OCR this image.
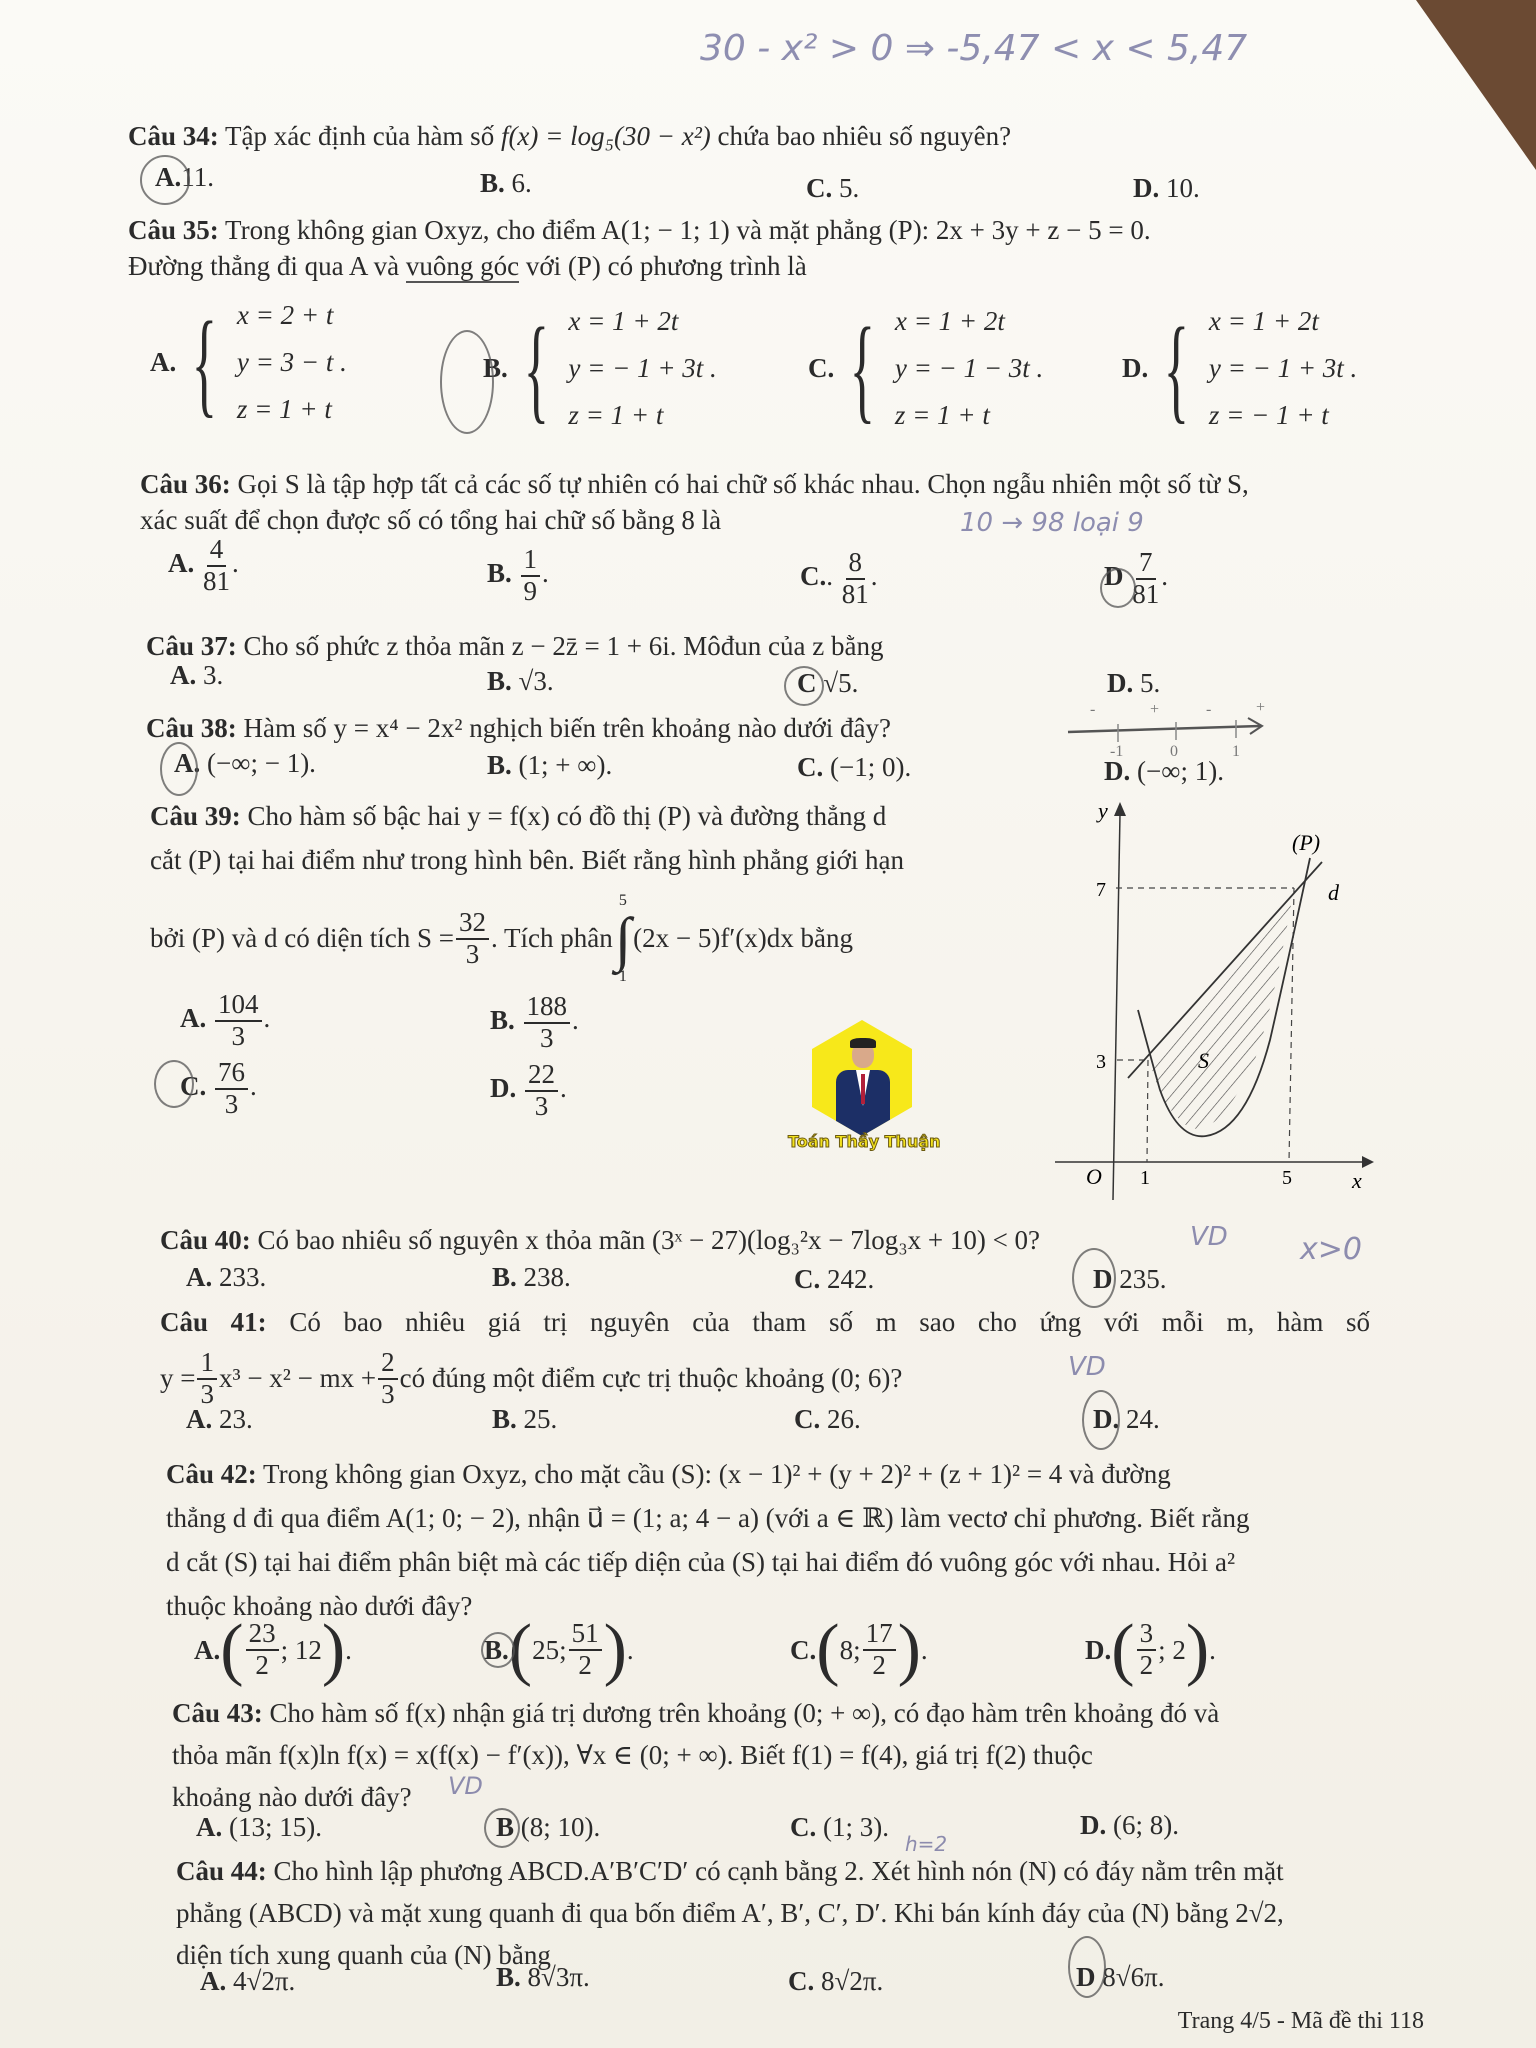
30 - x² > 0 ⇒ -5,47 < x < 5,47
Câu 34: Tập xác định của hàm số f(x) = log₅(30 − x²) chứa bao nhiêu số nguyên?
A.11.	B. 6.	C. 5.	D. 10.
Câu 35: Trong không gian Oxyz, cho điểm A(1; − 1; 1) và mặt phẳng (P): 2x + 3y + z − 5 = 0.
Đường thẳng đi qua A và vuông góc với (P) có phương trình là
A. { x = 2 + t
y = 3 − t .
z = 1 + t
B. { x = 1 + 2t
y = − 1 + 3t .
z = 1 + t
C. { x = 1 + 2t
y = − 1 − 3t .
z = 1 + t
D. { x = 1 + 2t
y = − 1 + 3t .
z = − 1 + t
Câu 36: Gọi S là tập hợp tất cả các số tự nhiên có hai chữ số khác nhau. Chọn ngẫu nhiên một số từ S,
xác suất để chọn được số có tổng hai chữ số bằng 8 là	10 → 98 loại 9
A. $\frac{4}{81}$ .	B. $\frac{1}{9}$ .	C.. $\frac{8}{81}$ .	D $\frac{7}{81}$ .
Câu 37: Cho số phức z thỏa mãn z − 2z̄ = 1 + 6i. Môđun của z bằng
A. 3.	B. √3.	C √5.	D. 5.
-	+	-	+
-1	0	1
Câu 38: Hàm số y = x⁴ − 2x² nghịch biến trên khoảng nào dưới đây?
A. (−∞; − 1).	B. (1; + ∞).	C. (−1; 0).	D. (−∞; 1).
Câu 39: Cho hàm số bậc hai y = f(x) có đồ thị (P) và đường thẳng d
cắt (P) tại hai điểm như trong hình bên. Biết rằng hình phẳng giới hạn
bởi (P) và d có diện tích $S = \frac{32}{3}$ . Tích phân
5
∫
1
(2x − 5)f′(x)dx bằng
A. $\frac{104}{3}$ .	B. $\frac{188}{3}$ .
C. $\frac{76}{3}$ .	D. $\frac{22}{3}$ .
Toán Thầy Thuận
y
x
O
(P)
d
S
7
3
1	5
Câu 40: Có bao nhiêu số nguyên x thỏa mãn (3ˣ − 27)(log₃²x − 7log₃x + 10) < 0?	VD x>0
A. 233.	B. 238.	C. 242.	D 235.
Câu 41: Có bao nhiêu giá trị nguyên của tham số m sao cho ứng với mỗi m, hàm số
$y = \frac{1}{3} x^3 - x^2$ − mx + $\frac{2}{3}$ có đúng một điểm cực trị thuộc khoảng (0; 6)?	VD
A. 23.	B. 25.	C. 26.	D. 24.
Câu 42: Trong không gian Oxyz, cho mặt cầu (S): (x − 1)² + (y + 2)² + (z + 1)² = 4 và đường
thẳng d đi qua điểm A(1; 0; − 2), nhận u⃗ = (1; a; 4 − a) (với a ∈ ℝ) làm vectơ chỉ phương. Biết rằng
d cắt (S) tại hai điểm phân biệt mà các tiếp diện của (S) tại hai điểm đó vuông góc với nhau. Hỏi a²
thuộc khoảng nào dưới đây?
A. ( $\frac{23}{2}$ ; 12 ) .	B. ( 25; $\frac{51}{2}$ ) .	C. ( 8; $\frac{17}{2}$ ) .	D. ( $\frac{3}{2}$ ; 2 ) .
Câu 43: Cho hàm số f(x) nhận giá trị dương trên khoảng (0; + ∞), có đạo hàm trên khoảng đó và
thỏa mãn f(x)ln f(x) = x(f(x) − f′(x)), ∀x ∈ (0; + ∞). Biết f(1) = f(4), giá trị f(2) thuộc
khoảng nào dưới đây?	VD
A. (13; 15).	B (8; 10).	C. (1; 3).	D. (6; 8).
h=2
Câu 44: Cho hình lập phương ABCD.A′B′C′D′ có cạnh bằng 2. Xét hình nón (N) có đáy nằm trên mặt
phẳng (ABCD) và mặt xung quanh đi qua bốn điểm A′, B′, C′, D′. Khi bán kính đáy của (N) bằng 2√2,
diện tích xung quanh của (N) bằng
A. 4√2π.	B. 8√3π.	C. 8√2π.	D 8√6π.
Trang 4/5 - Mã đề thi 118
